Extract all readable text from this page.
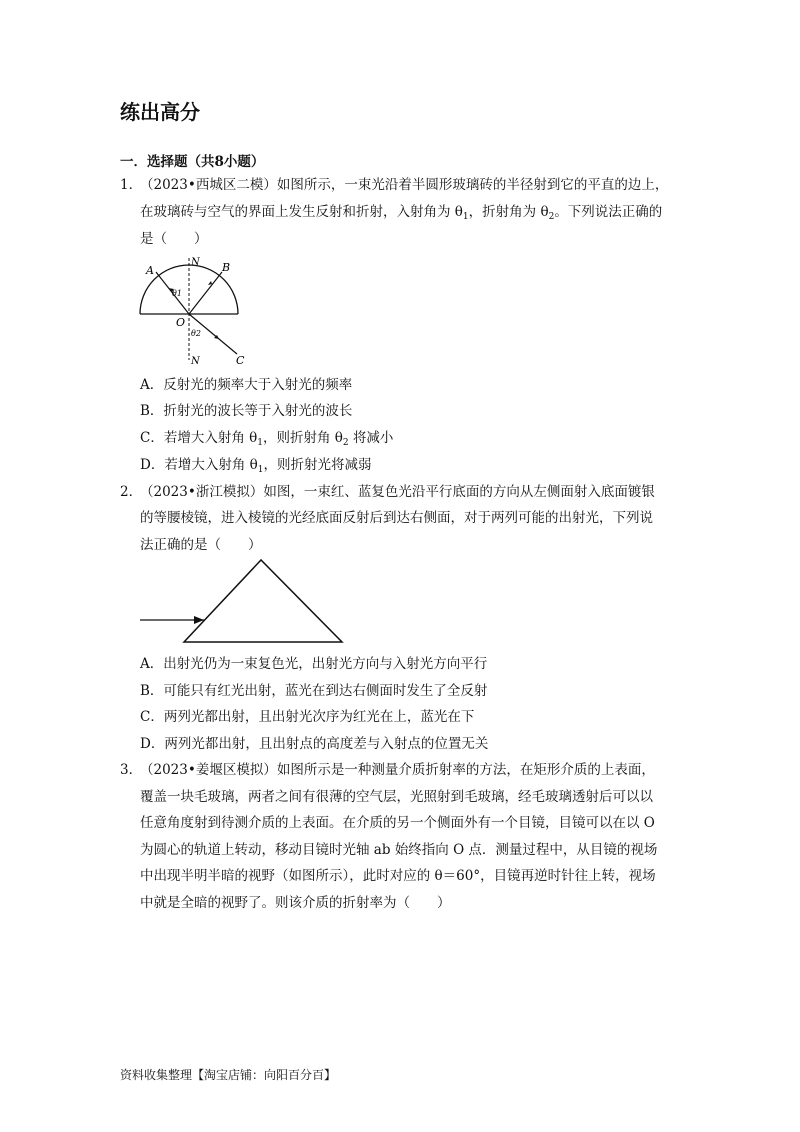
练出高分
一．选择题（共8小题）
1．
（2023•西城区二模）如图所示，一束光沿着半圆形玻璃砖的半径射到它的平直的边上，
在玻璃砖与空气的界面上发生反射和折射，入射角为 $\theta_1$，折射角为 $\theta_2$。下列说法正确的
是（　　）
A	B
C
N
N
O
θ1
θ2
A．反射光的频率大于入射光的频率
B．折射光的波长等于入射光的波长
C．若增大入射角 $\theta_1$，则折射角 $\theta_2$ 将减小
D．若增大入射角 $\theta_1$，则折射光将减弱
2．
（2023•浙江模拟）如图，一束红、蓝复色光沿平行底面的方向从左侧面射入底面镀银
的等腰棱镜，进入棱镜的光经底面反射后到达右侧面，对于两列可能的出射光，下列说
法正确的是（　　）
A．出射光仍为一束复色光，出射光方向与入射光方向平行
B．可能只有红光出射，蓝光在到达右侧面时发生了全反射
C．两列光都出射，且出射光次序为红光在上，蓝光在下
D．两列光都出射，且出射点的高度差与入射点的位置无关
3．
（2023•姜堰区模拟）如图所示是一种测量介质折射率的方法，在矩形介质的上表面，
覆盖一块毛玻璃，两者之间有很薄的空气层，光照射到毛玻璃，经毛玻璃透射后可以以
任意角度射到待测介质的上表面。在介质的另一个侧面外有一个目镜，目镜可以在以 O
为圆心的轨道上转动，移动目镜时光轴 ab 始终指向 O 点．测量过程中，从目镜的视场
中出现半明半暗的视野（如图所示），此时对应的 θ＝60°，目镜再逆时针往上转，视场
中就是全暗的视野了。则该介质的折射率为（　　）
资料收集整理【淘宝店铺：向阳百分百】
